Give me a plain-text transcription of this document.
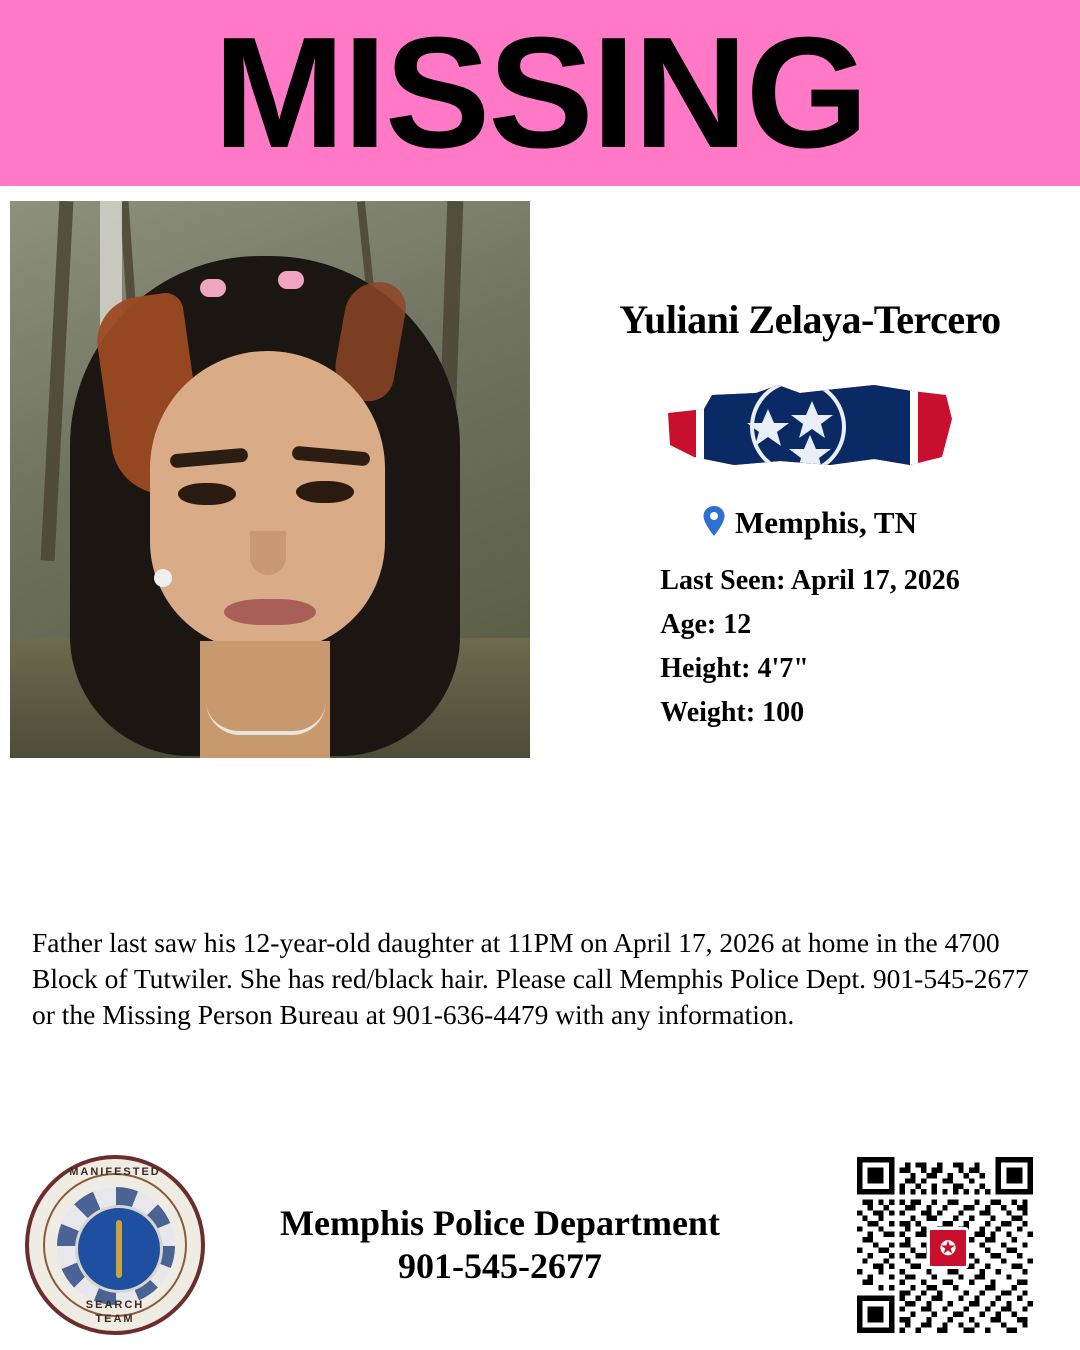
MISSING
Yuliani Zelaya-Tercero
Memphis, TN
Last Seen: April 17, 2026
Age: 12
Height: 4'7"
Weight: 100
Father last saw his 12-year-old daughter at 11PM on April 17, 2026 at home in the 4700 Block of Tutwiler. She has red/black hair. Please call Memphis Police Dept. 901-545-2677 or the Missing Person Bureau at 901-636-4479 with any information.
MANIFESTED
SEARCH
TEAM
Memphis Police Department
901-545-2677	✪
